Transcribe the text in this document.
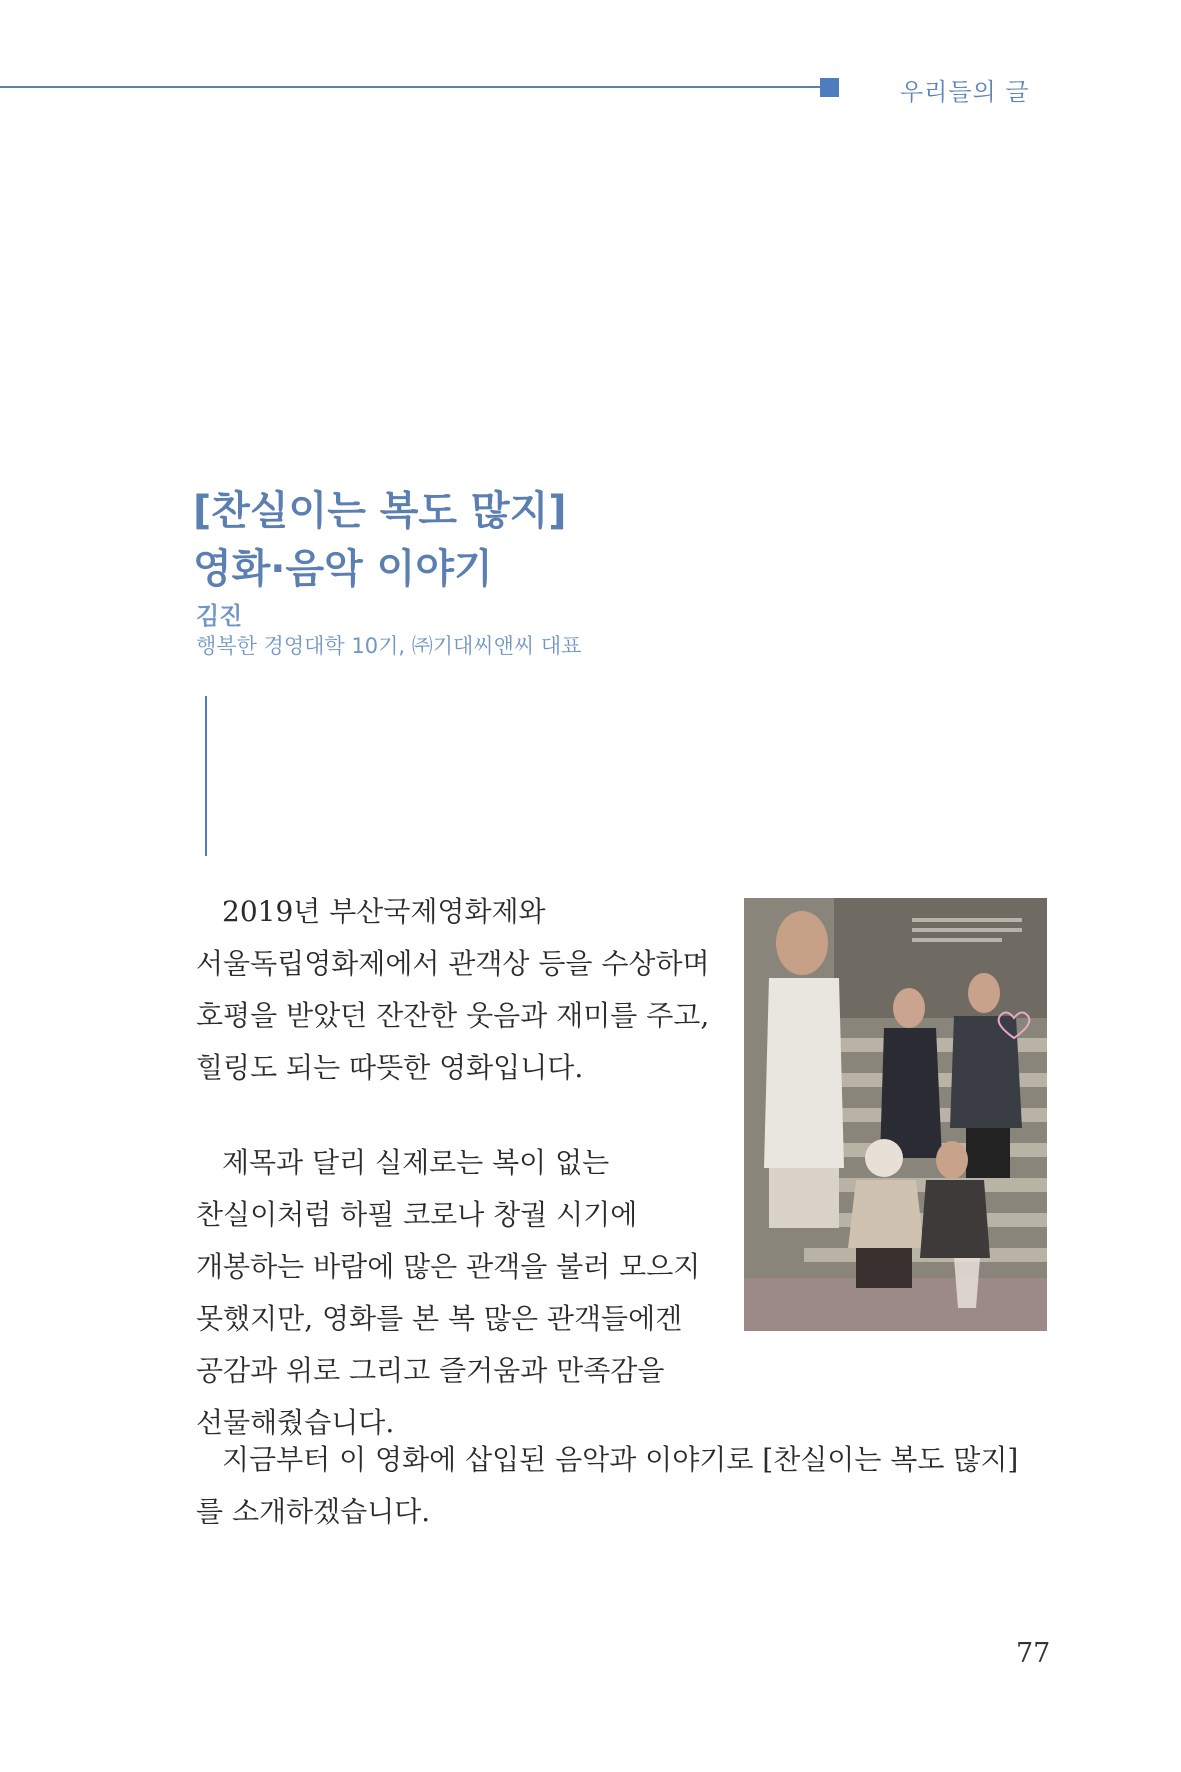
우리들의 글
[찬실이는 복도 많지]
영화·음악 이야기
김진
행복한 경영대학 10기, ㈜기대씨앤씨 대표

2019년 부산국제영화제와 서울독립영화제에서 관객상 등을 수상하며 호평을 받았던 잔잔한 웃음과 재미를 주고, 힐링도 되는 따뜻한 영화입니다.

제목과 달리 실제로는 복이 없는 찬실이처럼 하필 코로나 창궐 시기에 개봉하는 바람에 많은 관객을 불러 모으지 못했지만, 영화를 본 복 많은 관객들에겐 공감과 위로 그리고 즐거움과 만족감을 선물해줬습니다.

지금부터 이 영화에 삽입된 음악과 이야기로 [찬실이는 복도 많지]를 소개하겠습니다.

77
